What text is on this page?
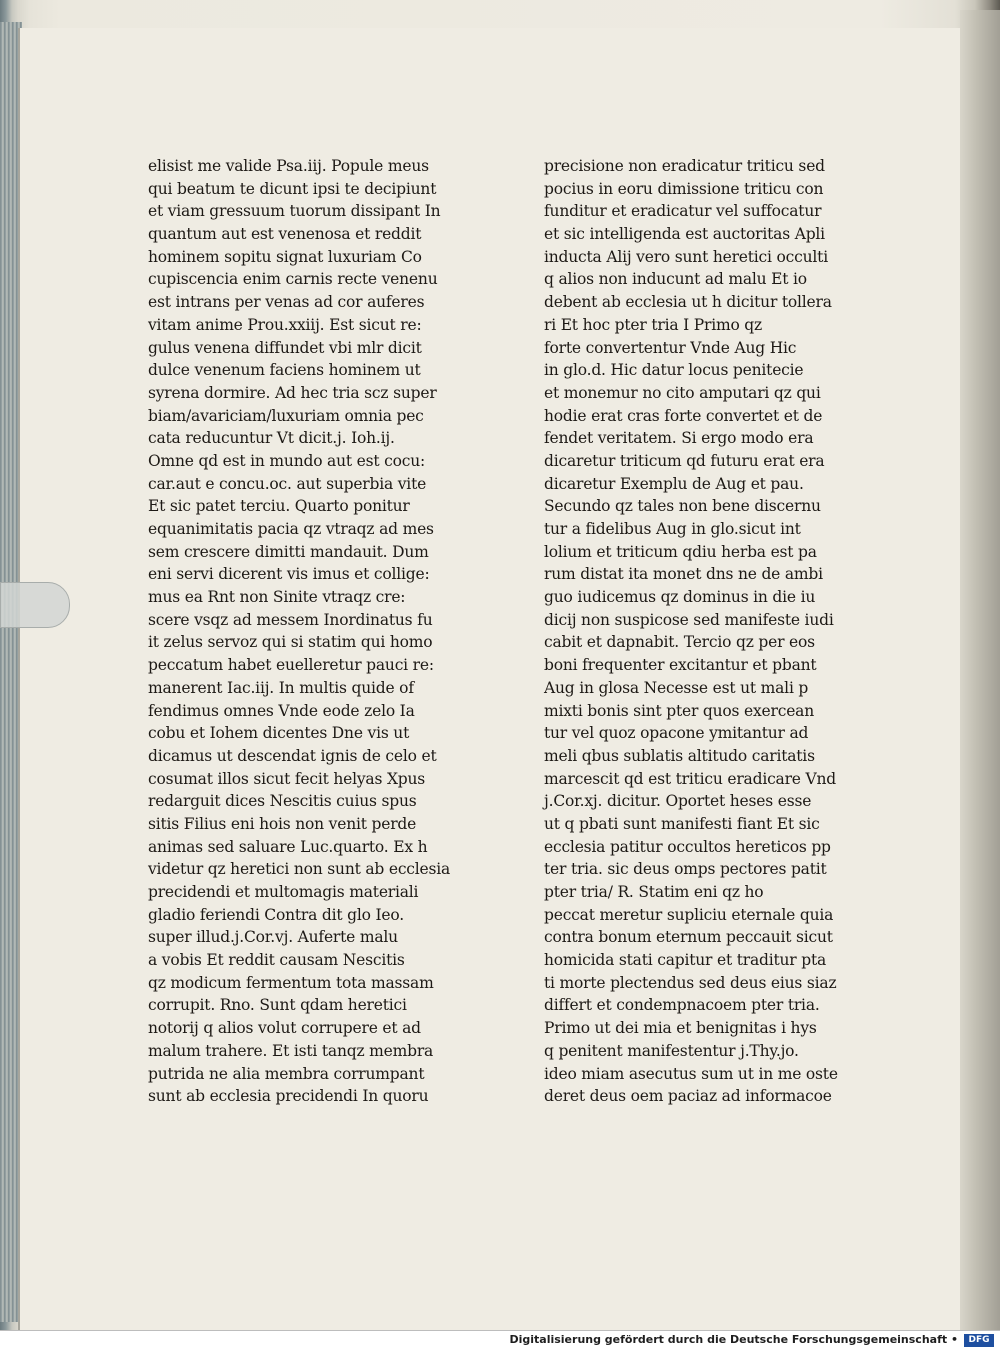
elisist me valide Psa.iij. Popule meus
qui beatum te dicunt ipsi te decipiunt
et viam gressuum tuorum dissipant In
quantum aut est venenosa et reddit
hominem sopitu signat luxuriam Co
cupiscencia enim carnis recte venenu
est intrans per venas ad cor auferes
vitam anime Prou.xxiij. Est sicut re:
gulus venena diffundet vbi mlr dicit
dulce venenum faciens hominem ut
syrena dormire. Ad hec tria scz super
biam/avariciam/luxuriam omnia pec
cata reducuntur Vt dicit.j. Ioh.ij.
Omne qd est in mundo aut est cocu:
car.aut e concu.oc. aut superbia vite
Et sic patet terciu. Quarto ponitur
equanimitatis pacia qz vtraqz ad mes
sem crescere dimitti mandauit. Dum
eni servi dicerent vis imus et collige:
mus ea Rnt non Sinite vtraqz cre:
scere vsqz ad messem Inordinatus fu
it zelus servoz qui si statim qui homo
peccatum habet euelleretur pauci re:
manerent Iac.iij. In multis quide of
fendimus omnes Vnde eode zelo Ia
cobu et Iohem dicentes Dne vis ut
dicamus ut descendat ignis de celo et
cosumat illos sicut fecit helyas Xpus
redarguit dices Nescitis cuius spus
sitis Filius eni hois non venit perde
animas sed saluare Luc.quarto. Ex h
videtur qz heretici non sunt ab ecclesia
precidendi et multomagis materiali
gladio feriendi Contra dit glo Ieo.
super illud.j.Cor.vj. Auferte malu
a vobis Et reddit causam Nescitis
qz modicum fermentum tota massam
corrupit. Rno. Sunt qdam heretici
notorij q alios volut corrupere et ad
malum trahere. Et isti tanqz membra
putrida ne alia membra corrumpant
sunt ab ecclesia precidendi In quoru
precisione non eradicatur triticu sed
pocius in eoru dimissione triticu con
funditur et eradicatur vel suffocatur
et sic intelligenda est auctoritas Apli
inducta Alij vero sunt heretici occulti
q alios non inducunt ad malu Et io
debent ab ecclesia ut h dicitur tollera
ri Et hoc pter tria I Primo qz
forte convertentur Vnde Aug Hic
in glo.d. Hic datur locus penitecie
et monemur no cito amputari qz qui
hodie erat cras forte convertet et de
fendet veritatem. Si ergo modo era
dicaretur triticum qd futuru erat era
dicaretur Exemplu de Aug et pau.
Secundo qz tales non bene discernu
tur a fidelibus Aug in glo.sicut int
lolium et triticum qdiu herba est pa
rum distat ita monet dns ne de ambi
guo iudicemus qz dominus in die iu
dicij non suspicose sed manifeste iudi
cabit et dapnabit. Tercio qz per eos
boni frequenter excitantur et pbant
Aug in glosa Necesse est ut mali p
mixti bonis sint pter quos exercean
tur vel quoz opacone ymitantur ad
meli qbus sublatis altitudo caritatis
marcescit qd est triticu eradicare Vnd
j.Cor.xj. dicitur. Oportet heses esse
ut q pbati sunt manifesti fiant Et sic
ecclesia patitur occultos hereticos pp
ter tria. sic deus omps pectores patit
pter tria/ R. Statim eni qz ho
peccat meretur supliciu eternale quia
contra bonum eternum peccauit sicut
homicida stati capitur et traditur pta
ti morte plectendus sed deus eius siaz
differt et condempnacoem pter tria.
Primo ut dei mia et benignitas i hys
q penitent manifestentur j.Thy.jo.
ideo miam asecutus sum ut in me oste
deret deus oem paciaz ad informacoe
Digitalisierung gefördert durch die Deutsche Forschungsgemeinschaft •	DFG
